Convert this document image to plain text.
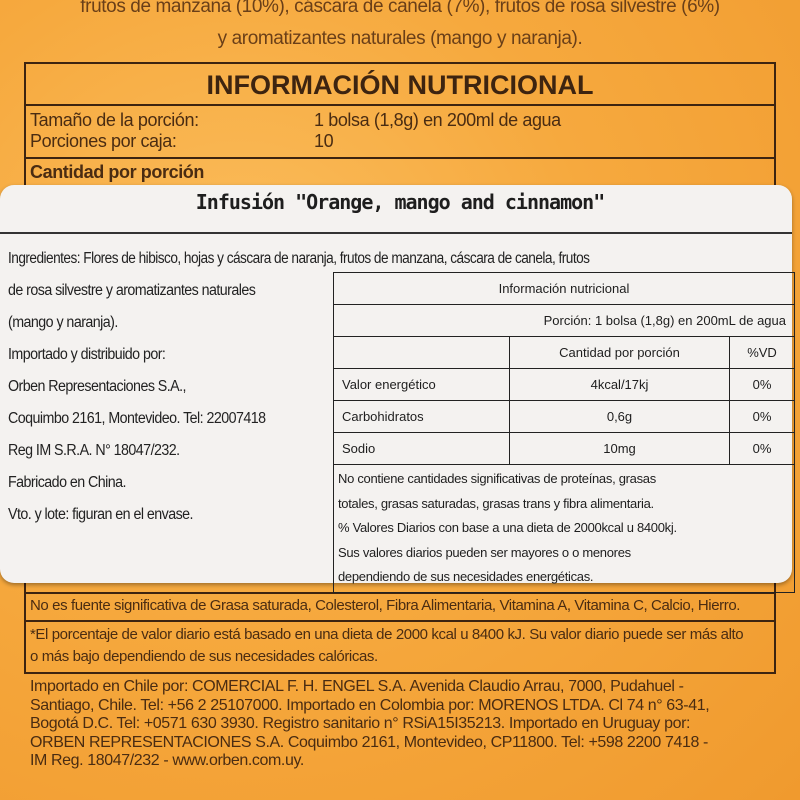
frutos de manzana (10%), cáscara de canela (7%), frutos de rosa silvestre (6%)
y aromatizantes naturales (mango y naranja).
INFORMACIÓN NUTRICIONAL
Tamaño de la porción:	1 bolsa (1,8g) en 200ml de agua
Porciones por caja:	10
Cantidad por porción
No es fuente significativa de Grasa saturada, Colesterol, Fibra Alimentaria, Vitamina A, Vitamina C, Calcio, Hierro.
*El porcentaje de valor diario está basado en una dieta de 2000 kcal u 8400 kJ. Su valor diario puede ser más alto
o más bajo dependiendo de sus necesidades calóricas.
Importado en Chile por: COMERCIAL F. H. ENGEL S.A. Avenida Claudio Arrau, 7000, Pudahuel -
Santiago, Chile. Tel: +56 2 25107000. Importado en Colombia por: MORENOS LTDA. Cl 74 n° 63-41,
Bogotá D.C. Tel: +0571 630 3930. Registro sanitario n° RSiA15I35213. Importado en Uruguay por:
ORBEN REPRESENTACIONES S.A. Coquimbo 2161, Montevideo, CP11800. Tel: +598 2200 7418 -
IM Reg. 18047/232 - www.orben.com.uy.
Infusión "Orange, mango and cinnamon"
Ingredientes: Flores de hibisco, hojas y cáscara de naranja, frutos de manzana, cáscara de canela, frutos
de rosa silvestre y aromatizantes naturales
(mango y naranja).
Importado y distribuido por:
Orben Representaciones S.A.,
Coquimbo 2161, Montevideo. Tel: 22007418
Reg IM S.R.A. N° 18047/232.
Fabricado en China.
Vto. y lote: figuran en el envase.
Información nutricional		
Porción: 1 bolsa (1,8g) en 200mL de agua		
	Cantidad por porción	%VD
Valor energético	4kcal/17kj	0%
Carbohidratos	0,6g	0%
Sodio	10mg	0%

No contiene cantidades significativas de proteínas, grasas
totales, grasas saturadas, grasas trans y fibra alimentaria.
% Valores Diarios con base a una dieta de 2000kcal u 8400kj.
Sus valores diarios pueden ser mayores o o menores
dependiendo de sus necesidades energéticas.		
